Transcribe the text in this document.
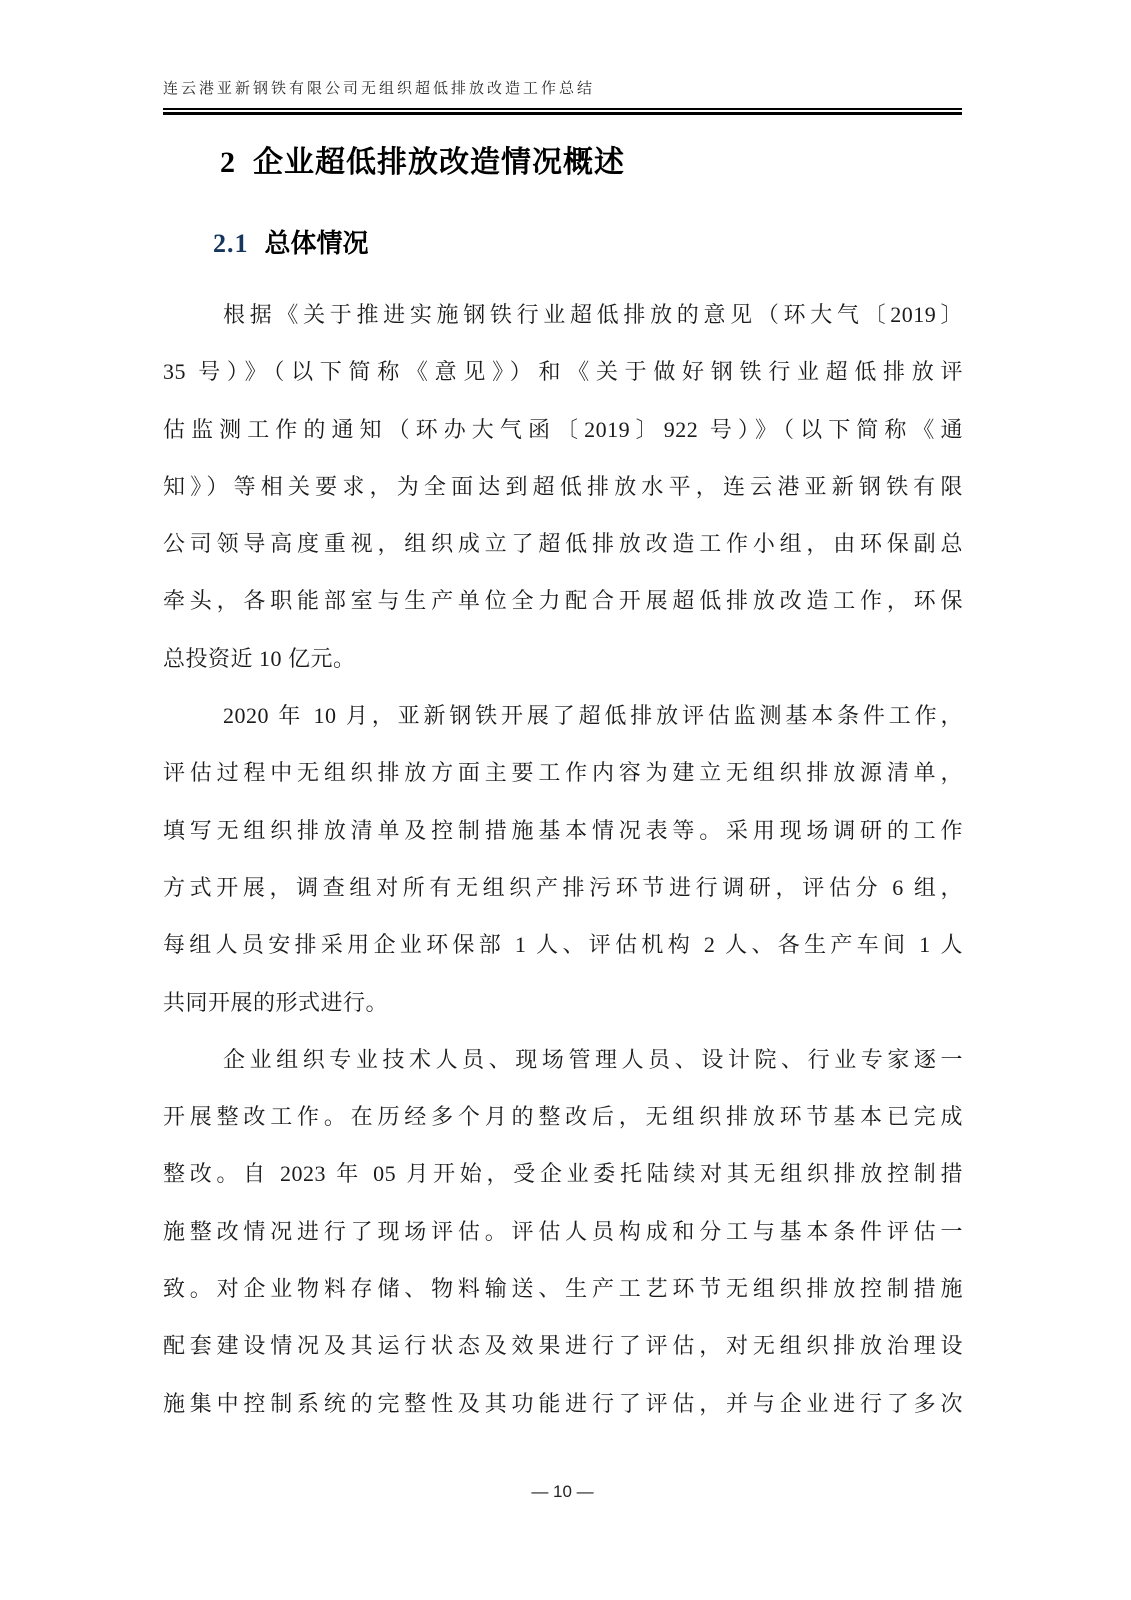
连云港亚新钢铁有限公司无组织超低排放改造工作总结
2  企业超低排放改造情况概述
2.1 总体情况
根据《关于推进实施钢铁行业超低排放的意见（环大气〔2019〕
35 号）》（以下简称《意见》）和《关于做好钢铁行业超低排放评
估监测工作的通知（环办大气函〔2019〕922 号）》（以下简称《通
知》）等相关要求，为全面达到超低排放水平，连云港亚新钢铁有限
公司领导高度重视，组织成立了超低排放改造工作小组，由环保副总
牵头，各职能部室与生产单位全力配合开展超低排放改造工作，环保
总投资近 10 亿元。
2020 年 10 月，亚新钢铁开展了超低排放评估监测基本条件工作，
评估过程中无组织排放方面主要工作内容为建立无组织排放源清单，
填写无组织排放清单及控制措施基本情况表等。采用现场调研的工作
方式开展，调查组对所有无组织产排污环节进行调研，评估分 6 组，
每组人员安排采用企业环保部 1 人、评估机构 2 人、各生产车间 1 人
共同开展的形式进行。
企业组织专业技术人员、现场管理人员、设计院、行业专家逐一
开展整改工作。在历经多个月的整改后，无组织排放环节基本已完成
整改。自 2023 年 05 月开始，受企业委托陆续对其无组织排放控制措
施整改情况进行了现场评估。评估人员构成和分工与基本条件评估一
致。对企业物料存储、物料输送、生产工艺环节无组织排放控制措施
配套建设情况及其运行状态及效果进行了评估，对无组织排放治理设
施集中控制系统的完整性及其功能进行了评估，并与企业进行了多次
— 10 —
